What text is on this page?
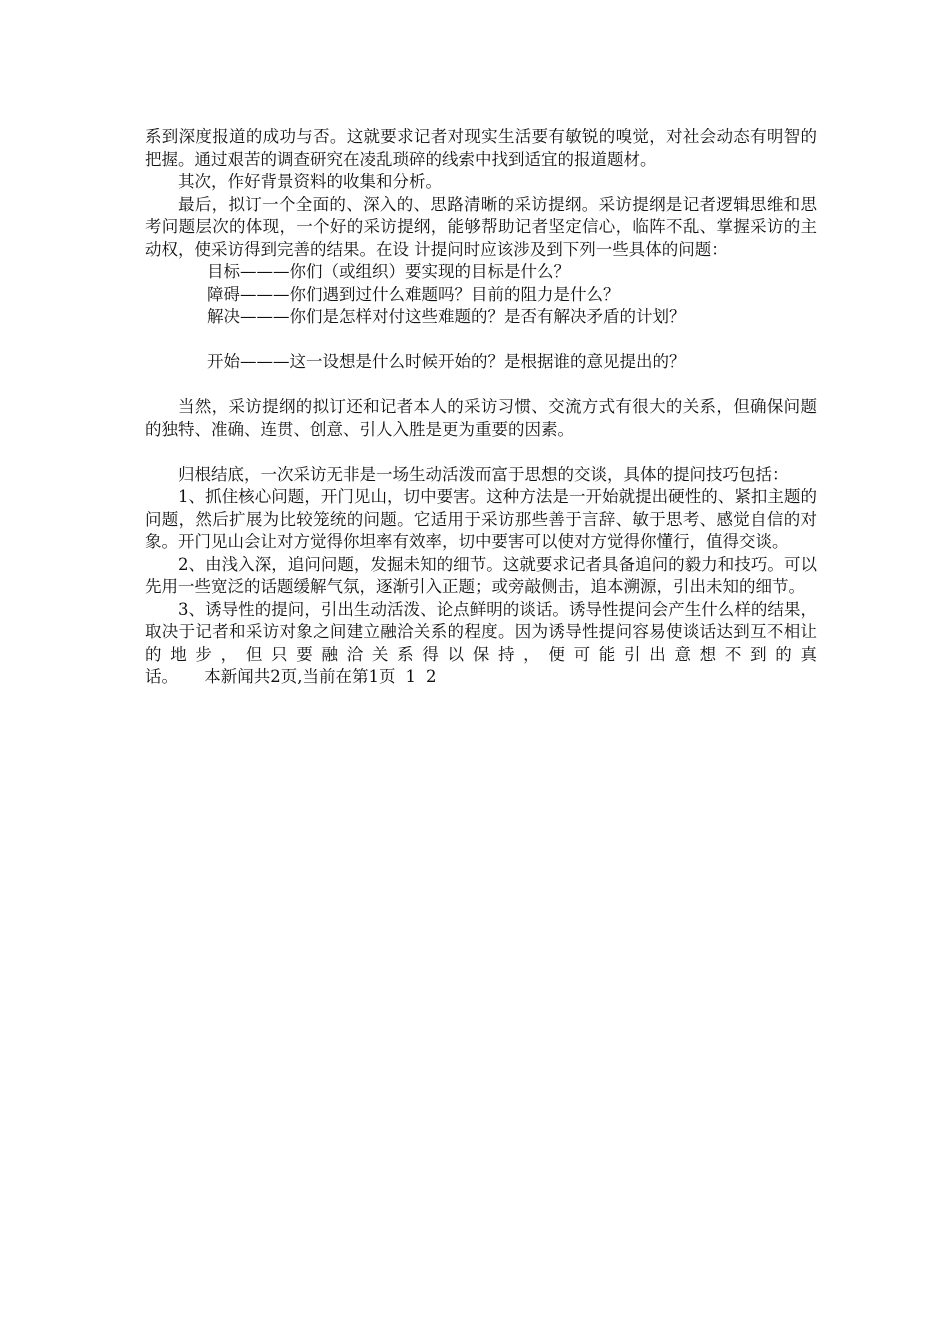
系到深度报道的成功与否。这就要求记者对现实生活要有敏锐的嗅觉，对社会动态有明智的把握。通过艰苦的调查研究在凌乱琐碎的线索中找到适宜的报道题材。

其次，作好背景资料的收集和分析。

最后，拟订一个全面的、深入的、思路清晰的采访提纲。采访提纲是记者逻辑思维和思考问题层次的体现，一个好的采访提纲，能够帮助记者坚定信心，临阵不乱、掌握采访的主动权，使采访得到完善的结果。在设 计提问时应该涉及到下列一些具体的问题：

目标———你们（或组织）要实现的目标是什么？

障碍———你们遇到过什么难题吗？目前的阻力是什么？

解决———你们是怎样对付这些难题的？是否有解决矛盾的计划？

开始———这一设想是什么时候开始的？是根据谁的意见提出的？

当然，采访提纲的拟订还和记者本人的采访习惯、交流方式有很大的关系，但确保问题的独特、准确、连贯、创意、引人入胜是更为重要的因素。

归根结底，一次采访无非是一场生动活泼而富于思想的交谈，具体的提问技巧包括：

1、抓住核心问题，开门见山，切中要害。这种方法是一开始就提出硬性的、紧扣主题的问题，然后扩展为比较笼统的问题。它适用于采访那些善于言辞、敏于思考、感觉自信的对象。开门见山会让对方觉得你坦率有效率，切中要害可以使对方觉得你懂行，值得交谈。

2、由浅入深，追问问题，发掘未知的细节。这就要求记者具备追问的毅力和技巧。可以先用一些宽泛的话题缓解气氛，逐渐引入正题；或旁敲侧击，追本溯源，引出未知的细节。

3、诱导性的提问，引出生动活泼、论点鲜明的谈话。诱导性提问会产生什么样的结果，取决于记者和采访对象之间建立融洽关系的程度。因为诱导性提问容易使谈话达到互不相让的地步，但只要融洽关系得以保持，便可能引出意想不到的真话。 本新闻共2页,当前在第1页 1 2
